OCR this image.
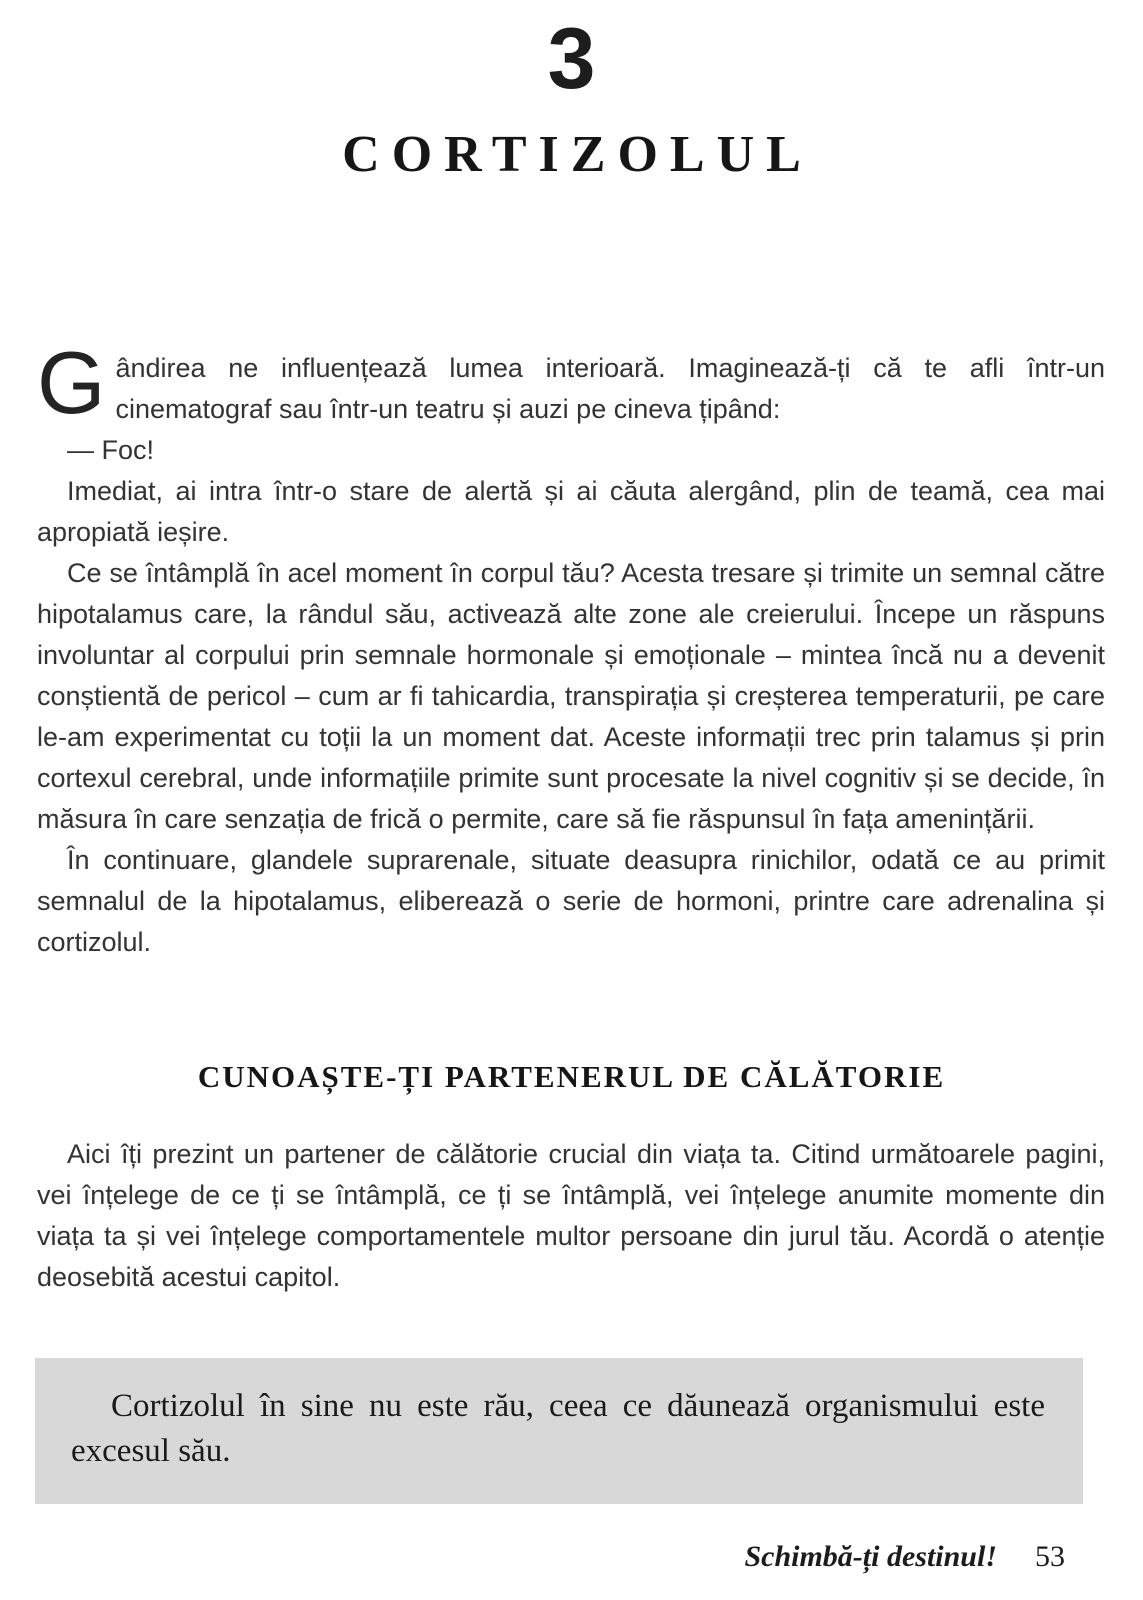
3
CORTIZOLUL

Gândirea ne influențează lumea interioară. Imaginează-ți că te afli într-un cinematograf sau într-un teatru și auzi pe cineva țipând:

— Foc!

Imediat, ai intra într-o stare de alertă și ai căuta alergând, plin de teamă, cea mai apropiată ieșire.

Ce se întâmplă în acel moment în corpul tău? Acesta tresare și trimite un semnal către hipotalamus care, la rândul său, activează alte zone ale creierului. Începe un răspuns involuntar al corpului prin semnale hormonale și emoționale – mintea încă nu a devenit conștientă de pericol – cum ar fi tahicardia, transpirația și creșterea temperaturii, pe care le-am experimentat cu toții la un moment dat. Aceste informații trec prin talamus și prin cortexul cerebral, unde informațiile primite sunt procesate la nivel cognitiv și se decide, în măsura în care senzația de frică o permite, care să fie răspunsul în fața amenințării.

În continuare, glandele suprarenale, situate deasupra rinichilor, odată ce au primit semnalul de la hipotalamus, eliberează o serie de hormoni, printre care adrenalina și cortizolul.

CUNOAȘTE-ȚI PARTENERUL DE CĂLĂTORIE

Aici îți prezint un partener de călătorie crucial din viața ta. Citind următoarele pagini, vei înțelege de ce ți se întâmplă, ce ți se întâmplă, vei înțelege anumite momente din viața ta și vei înțelege comportamentele multor persoane din jurul tău. Acordă o atenție deosebită acestui capitol.

Cortizolul în sine nu este rău, ceea ce dăunează organismului este excesul său.
Schimbă-ți destinul! 53
